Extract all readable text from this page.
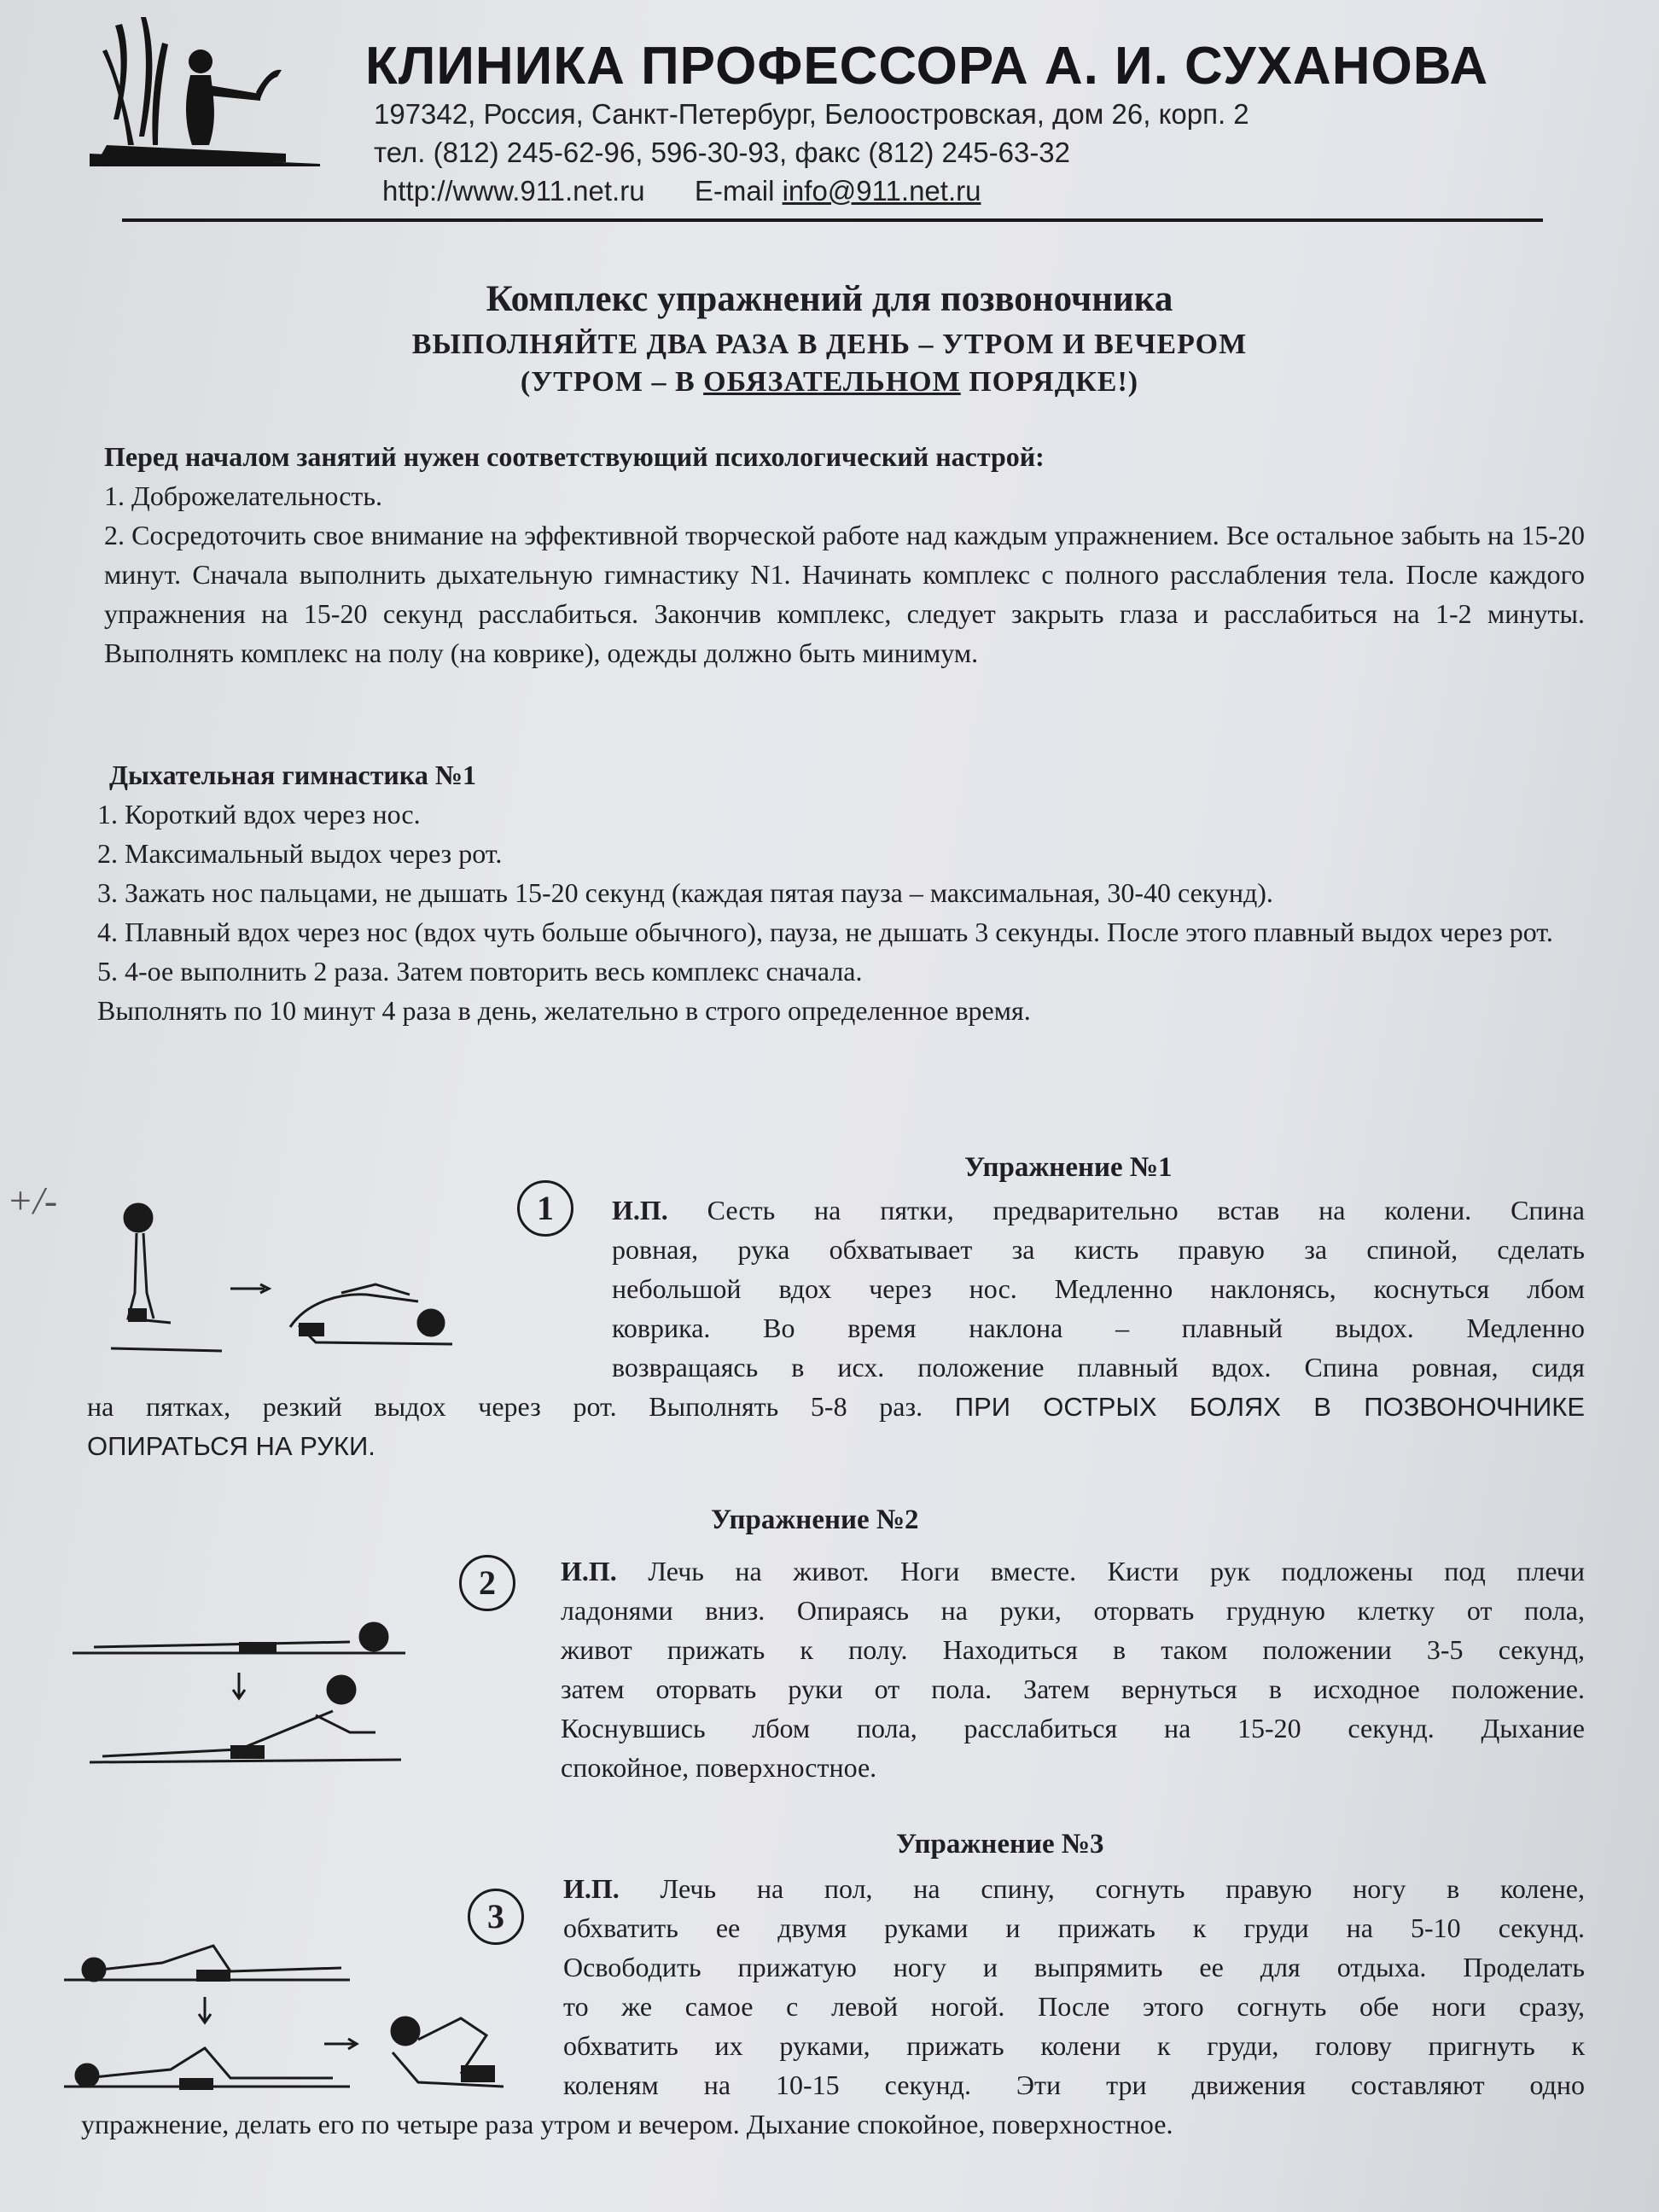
КЛИНИКА ПРОФЕССОРА А. И. СУХАНОВА
197342, Россия, Санкт-Петербург, Белоостровская, дом 26, корп. 2
тел. (812) 245-62-96, 596-30-93, факс (812) 245-63-32
http://www.911.net.ru E-mail info@911.net.ru
Комплекс упражнений для позвоночника
ВЫПОЛНЯЙТЕ ДВА РАЗА В ДЕНЬ – УТРОМ И ВЕЧЕРОМ
(УТРОМ – В ОБЯЗАТЕЛЬНОМ ПОРЯДКЕ!)

Перед началом занятий нужен соответствующий психологический настрой:

1. Доброжелательность.

2. Сосредоточить свое внимание на эффективной творческой работе над каждым упражнением. Все остальное забыть на 15-20 минут. Сначала выполнить дыхательную гимнастику N1. Начинать комплекс с полного расслабления тела. После каждого упражнения на 15-20 секунд расслабиться. Закончив комплекс, следует закрыть глаза и расслабиться на 1-2 минуты. Выполнять комплекс на полу (на коврике), одежды должно быть минимум.

Дыхательная гимнастика №1

1. Короткий вдох через нос.

2. Максимальный выдох через рот.

3. Зажать нос пальцами, не дышать 15-20 секунд (каждая пятая пауза – максимальная, 30-40 секунд).

4. Плавный вдох через нос (вдох чуть больше обычного), пауза, не дышать 3 секунды. После этого плавный выдох через рот.

5. 4-ое выполнить 2 раза. Затем повторить весь комплекс сначала.

Выполнять по 10 минут 4 раза в день, желательно в строго определенное время.

+/-
Упражнение №1
1	И.П. Сесть на пятки, предварительно встав на колени. Спина
ровная, рука обхватывает за кисть правую за спиной, сделать
небольшой вдох через нос. Медленно наклонясь, коснуться лбом
коврика. Во время наклона – плавный выдох. Медленно
возвращаясь в исх. положение плавный вдох. Спина ровная, сидя
на пятках, резкий выдох через рот. Выполнять 5-8 раз. ПРИ ОСТРЫХ БОЛЯХ В ПОЗВОНОЧНИКЕ
ОПИРАТЬСЯ НА РУКИ.
Упражнение №2
2	И.П. Лечь на живот. Ноги вместе. Кисти рук подложены под плечи
ладонями вниз. Опираясь на руки, оторвать грудную клетку от пола,
живот прижать к полу. Находиться в таком положении 3-5 секунд,
затем оторвать руки от пола. Затем вернуться в исходное положение.
Коснувшись лбом пола, расслабиться на 15-20 секунд. Дыхание
спокойное, поверхностное.
Упражнение №3
3
И.П. Лечь на пол, на спину, согнуть правую ногу в колене,
обхватить ее двумя руками и прижать к груди на 5-10 секунд.
Освободить прижатую ногу и выпрямить ее для отдыха. Проделать
то же самое с левой ногой. После этого согнуть обе ноги сразу,
обхватить их руками, прижать колени к груди, голову пригнуть к
коленям на 10-15 секунд. Эти три движения составляют одно
упражнение, делать его по четыре раза утром и вечером. Дыхание спокойное, поверхностное.
